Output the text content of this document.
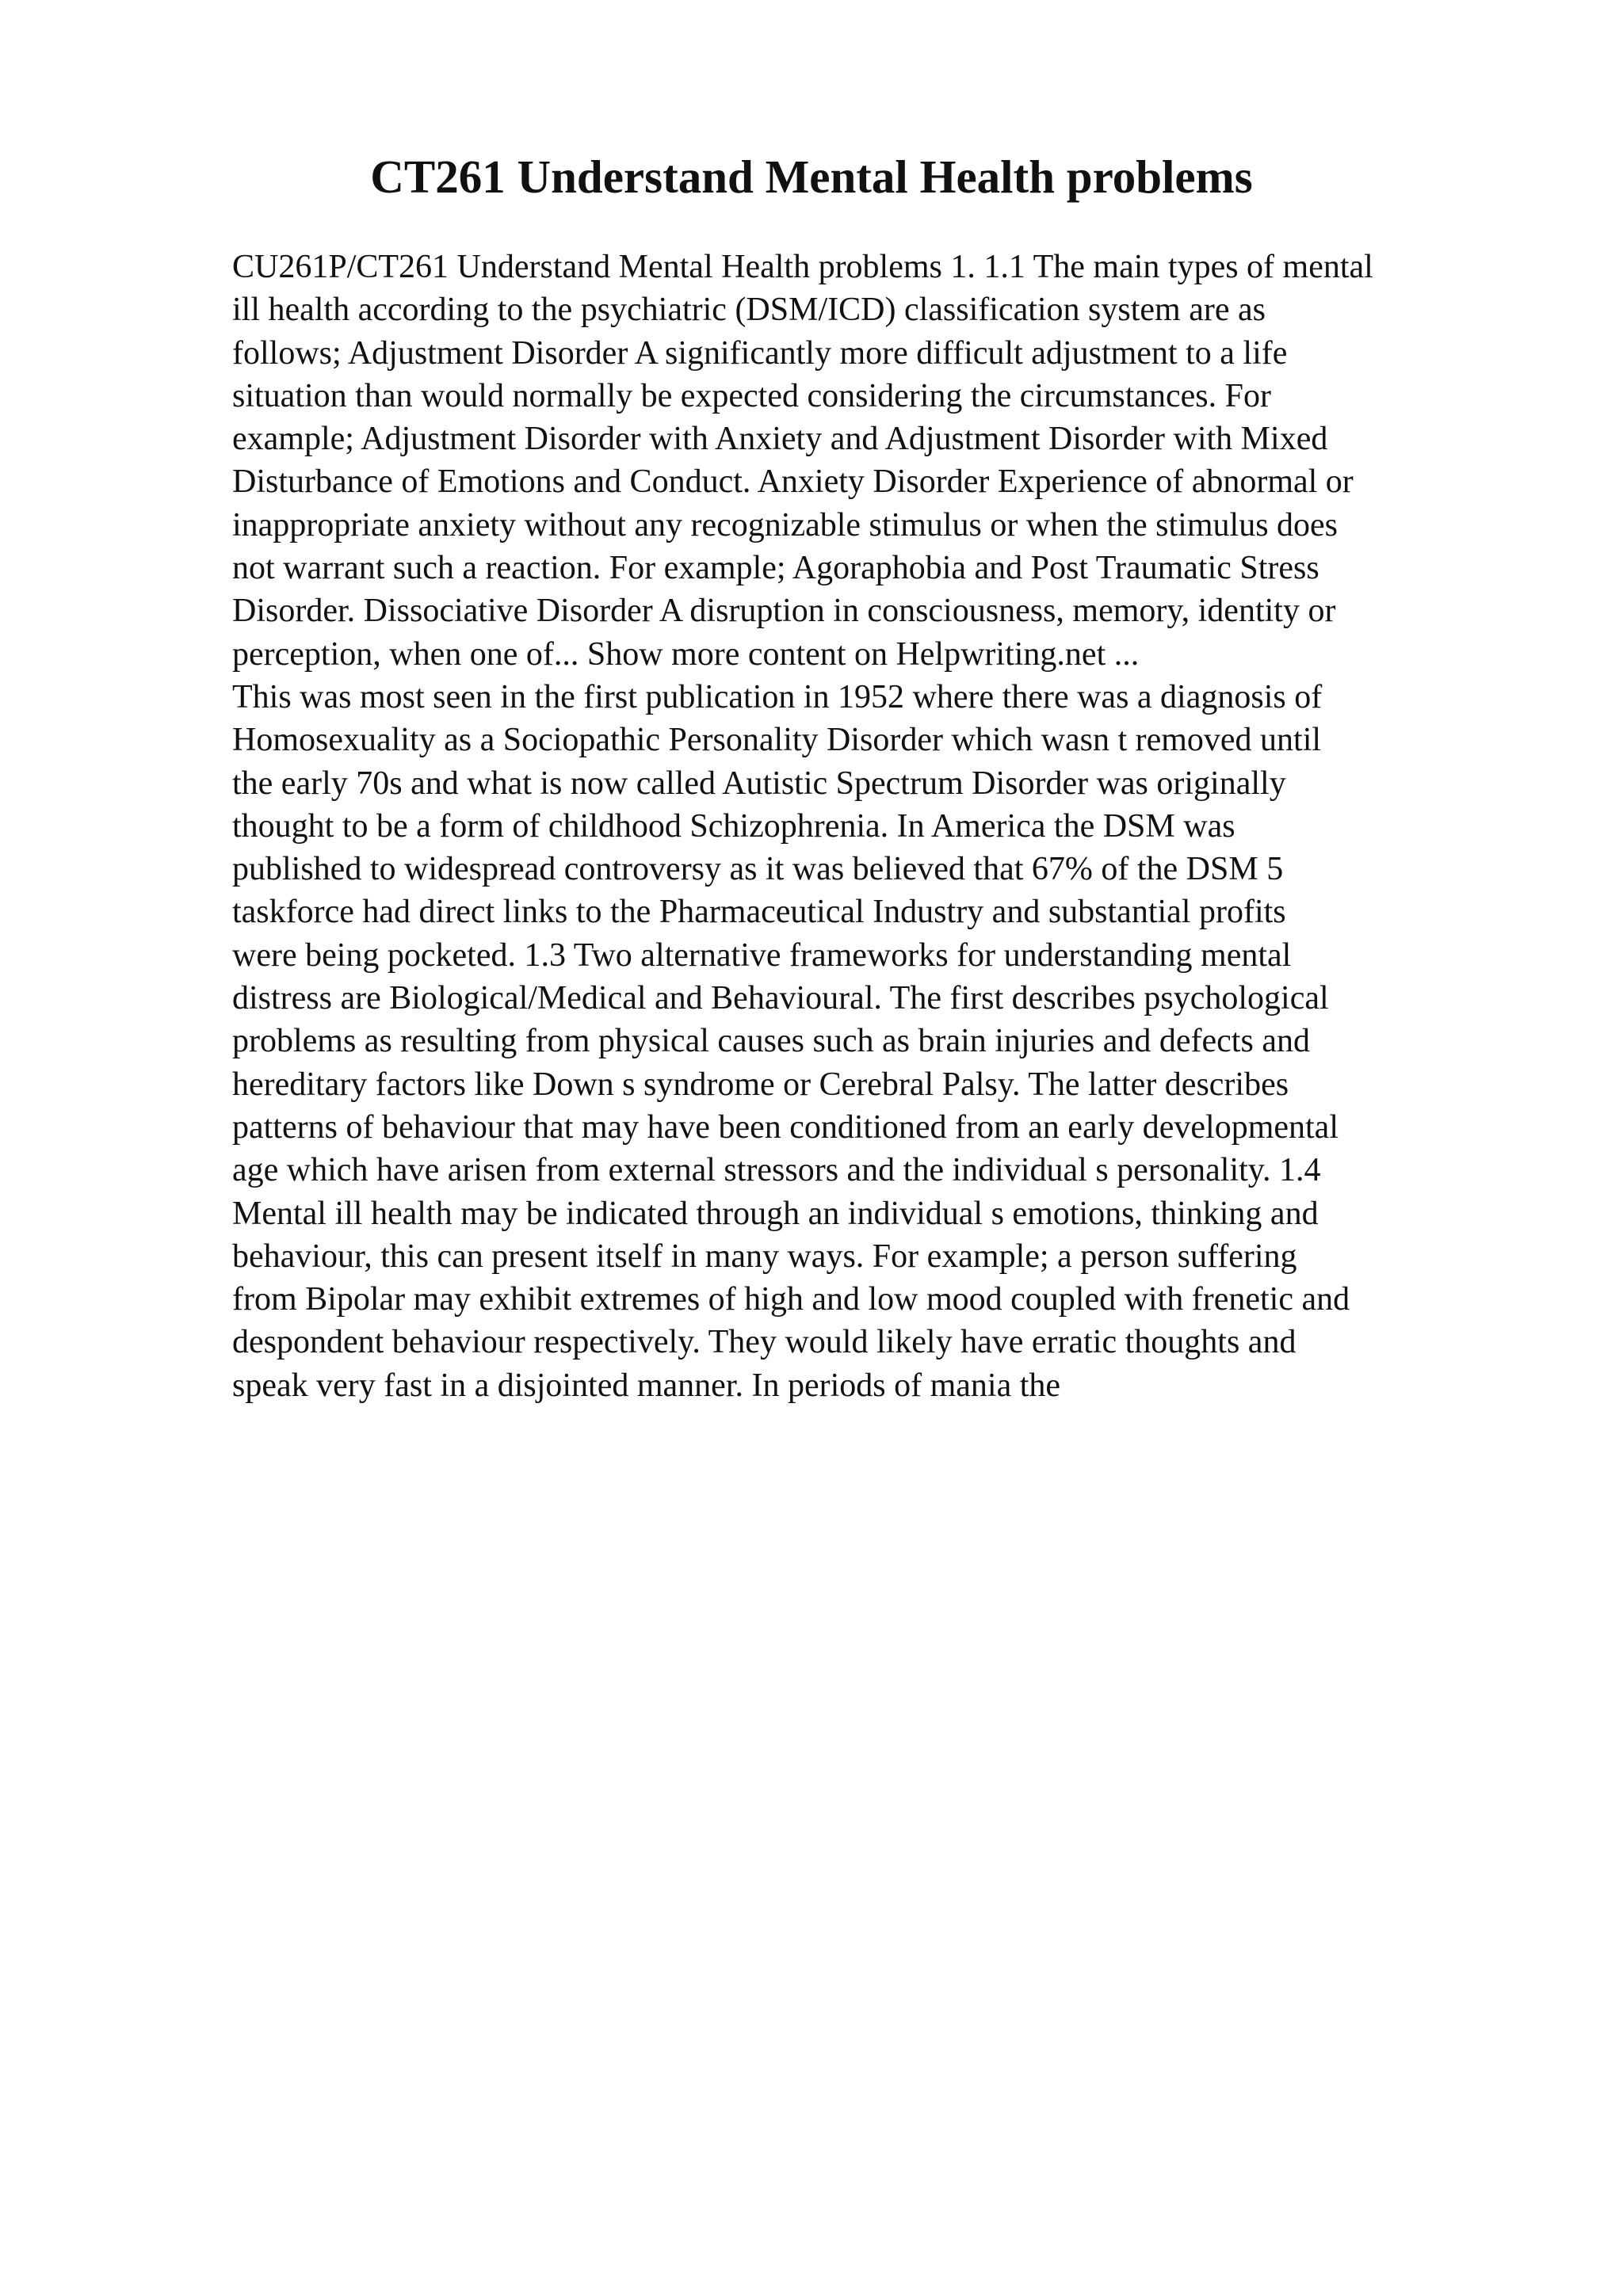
CT261 Understand Mental Health problems
CU261P/CT261 Understand Mental Health problems 1. 1.1 The main types of mental
ill health according to the psychiatric (DSM/ICD) classification system are as
follows; Adjustment Disorder A significantly more difficult adjustment to a life
situation than would normally be expected considering the circumstances. For
example; Adjustment Disorder with Anxiety and Adjustment Disorder with Mixed
Disturbance of Emotions and Conduct. Anxiety Disorder Experience of abnormal or
inappropriate anxiety without any recognizable stimulus or when the stimulus does
not warrant such a reaction. For example; Agoraphobia and Post Traumatic Stress
Disorder. Dissociative Disorder A disruption in consciousness, memory, identity or
perception, when one of... Show more content on Helpwriting.net ...
This was most seen in the first publication in 1952 where there was a diagnosis of
Homosexuality as a Sociopathic Personality Disorder which wasn t removed until
the early 70s and what is now called Autistic Spectrum Disorder was originally
thought to be a form of childhood Schizophrenia. In America the DSM was
published to widespread controversy as it was believed that 67% of the DSM 5
taskforce had direct links to the Pharmaceutical Industry and substantial profits
were being pocketed. 1.3 Two alternative frameworks for understanding mental
distress are Biological/Medical and Behavioural. The first describes psychological
problems as resulting from physical causes such as brain injuries and defects and
hereditary factors like Down s syndrome or Cerebral Palsy. The latter describes
patterns of behaviour that may have been conditioned from an early developmental
age which have arisen from external stressors and the individual s personality. 1.4
Mental ill health may be indicated through an individual s emotions, thinking and
behaviour, this can present itself in many ways. For example; a person suffering
from Bipolar may exhibit extremes of high and low mood coupled with frenetic and
despondent behaviour respectively. They would likely have erratic thoughts and
speak very fast in a disjointed manner. In periods of mania the
